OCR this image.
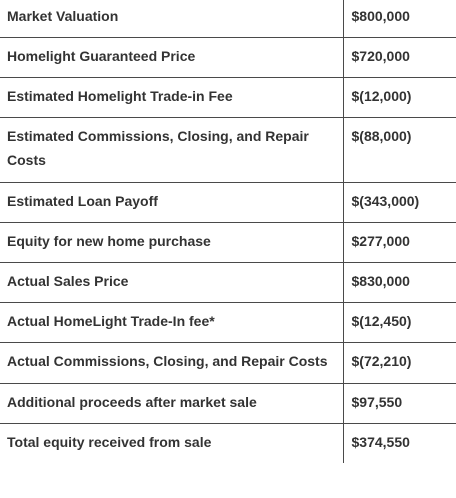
Market Valuation	$800,000
Homelight Guaranteed Price	$720,000
Estimated Homelight Trade-in Fee	$(12,000)
Estimated Commissions, Closing, and Repair Costs	$(88,000)
Estimated Loan Payoff	$(343,000)
Equity for new home purchase	$277,000
Actual Sales Price	$830,000
Actual HomeLight Trade-In fee*	$(12,450)
Actual Commissions, Closing, and Repair Costs	$(72,210)
Additional proceeds after market sale	$97,550
Total equity received from sale	$374,550
